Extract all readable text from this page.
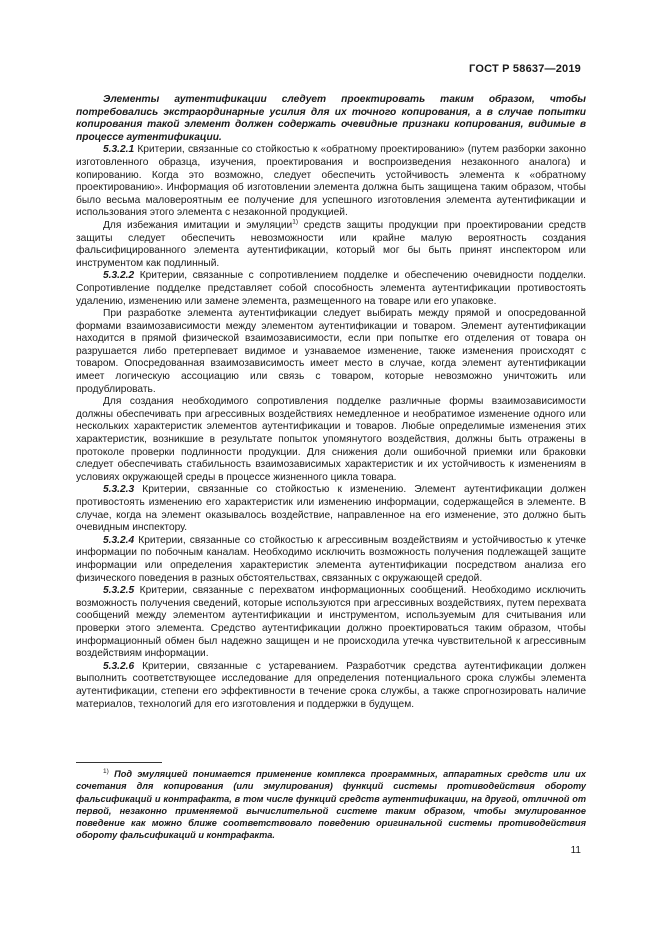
ГОСТ Р 58637—2019

Элементы аутентификации следует проектировать таким образом, чтобы потребовались экстраординарные усилия для их точного копирования, а в случае попытки копирования такой элемент должен содержать очевидные признаки копирования, видимые в процессе аутентификации.

5.3.2.1 Критерии, связанные со стойкостью к «обратному проектированию» (путем разборки законно изготовленного образца, изучения, проектирования и воспроизведения незаконного аналога) и копированию. Когда это возможно, следует обеспечить устойчивость элемента к «обратному проектированию». Информация об изготовлении элемента должна быть защищена таким образом, чтобы было весьма маловероятным ее получение для успешного изготовления элемента аутентификации и использования этого элемента с незаконной продукцией.

Для избежания имитации и эмуляции$^{1)}$ средств защиты продукции при проектировании средств защиты следует обеспечить невозможности или крайне малую вероятность создания фальсифицированного элемента аутентификации, который мог бы быть принят инспектором или инструментом как подлинный.

5.3.2.2 Критерии, связанные с сопротивлением подделке и обеспечению очевидности подделки. Сопротивление подделке представляет собой способность элемента аутентификации противостоять удалению, изменению или замене элемента, размещенного на товаре или его упаковке.

При разработке элемента аутентификации следует выбирать между прямой и опосредованной формами взаимозависимости между элементом аутентификации и товаром. Элемент аутентификации находится в прямой физической взаимозависимости, если при попытке его отделения от товара он разрушается либо претерпевает видимое и узнаваемое изменение, также изменения происходят с товаром. Опосредованная взаимозависимость имеет место в случае, когда элемент аутентификации имеет логическую ассоциацию или связь с товаром, которые невозможно уничтожить или продублировать.

Для создания необходимого сопротивления подделке различные формы взаимозависимости должны обеспечивать при агрессивных воздействиях немедленное и необратимое изменение одного или нескольких характеристик элементов аутентификации и товаров. Любые определимые изменения этих характеристик, возникшие в результате попыток упомянутого воздействия, должны быть отражены в протоколе проверки подлинности продукции. Для снижения доли ошибочной приемки или браковки следует обеспечивать стабильность взаимозависимых характеристик и их устойчивость к изменениям в условиях окружающей среды в процессе жизненного цикла товара.

5.3.2.3 Критерии, связанные со стойкостью к изменению. Элемент аутентификации должен противостоять изменению его характеристик или изменению информации, содержащейся в элементе. В случае, когда на элемент оказывалось воздействие, направленное на его изменение, это должно быть очевидным инспектору.

5.3.2.4 Критерии, связанные со стойкостью к агрессивным воздействиям и устойчивостью к утечке информации по побочным каналам. Необходимо исключить возможность получения подлежащей защите информации или определения характеристик элемента аутентификации посредством анализа его физического поведения в разных обстоятельствах, связанных с окружающей средой.

5.3.2.5 Критерии, связанные с перехватом информационных сообщений. Необходимо исключить возможность получения сведений, которые используются при агрессивных воздействиях, путем перехвата сообщений между элементом аутентификации и инструментом, используемым для считывания или проверки этого элемента. Средство аутентификации должно проектироваться таким образом, чтобы информационный обмен был надежно защищен и не происходила утечка чувствительной к агрессивным воздействиям информации.

5.3.2.6 Критерии, связанные с устареванием. Разработчик средства аутентификации должен выполнить соответствующее исследование для определения потенциального срока службы элемента аутентификации, степени его эффективности в течение срока службы, а также спрогнозировать наличие материалов, технологий для его изготовления и поддержки в будущем.

$^{1)}$ Под эмуляцией понимается применение комплекса программных, аппаратных средств или их сочетания для копирования (или эмулирования) функций системы противодействия обороту фальсификаций и контрафакта, в том числе функций средств аутентификации, на другой, отличной от первой, незаконно применяемой вычислительной системе таким образом, чтобы эмулированное поведение как можно ближе соответствовало поведению оригинальной системы противодействия обороту фальсификаций и контрафакта.
11
